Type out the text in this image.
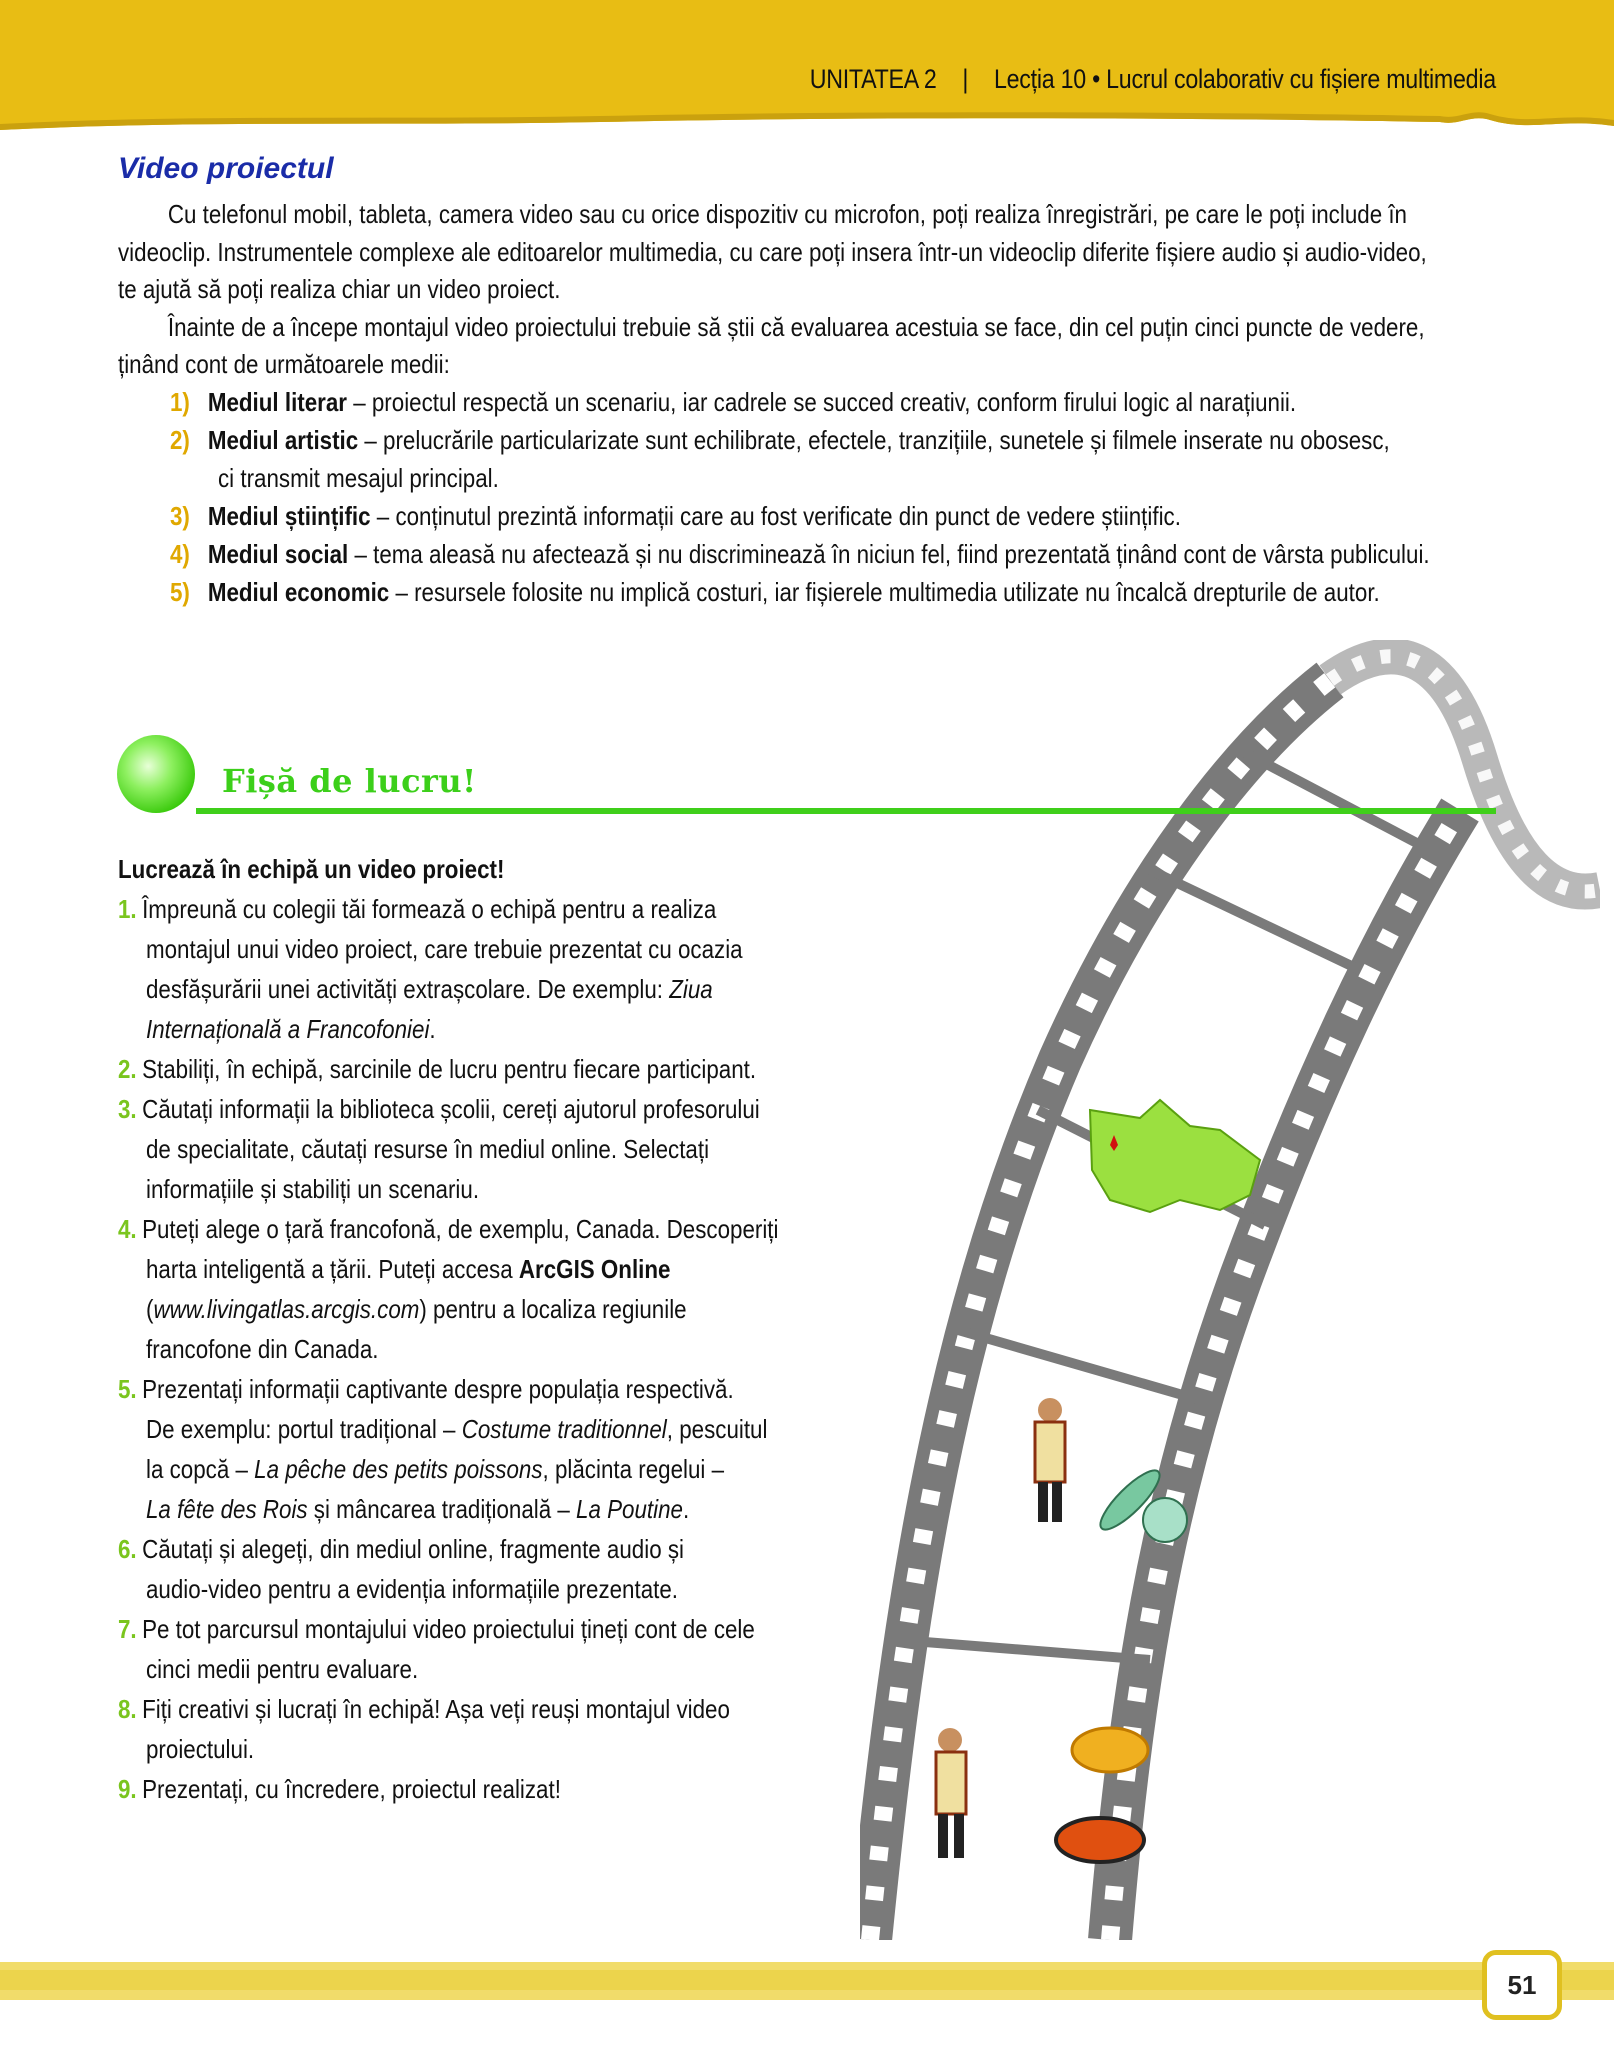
UNITATEA 2 | Lecția 10 • Lucrul colaborativ cu fișiere multimedia
Video proiectul

Cu telefonul mobil, tableta, camera video sau cu orice dispozitiv cu microfon, poți realiza înregistrări, pe care le poți include în

videoclip. Instrumentele complexe ale editoarelor multimedia, cu care poți insera într-un videoclip diferite fișiere audio și audio-video,

te ajută să poți realiza chiar un video proiect.

Înainte de a începe montajul video proiectului trebuie să știi că evaluarea acestuia se face, din cel puțin cinci puncte de vedere,

ținând cont de următoarele medii:

1) Mediul literar – proiectul respectă un scenariu, iar cadrele se succed creativ, conform firului logic al narațiunii.
2) Mediul artistic – prelucrările particularizate sunt echilibrate, efectele, tranzițiile, sunetele și filmele inserate nu obosesc,
ci transmit mesajul principal.
3) Mediul științific – conținutul prezintă informații care au fost verificate din punct de vedere științific.
4) Mediul social – tema aleasă nu afectează și nu discriminează în niciun fel, fiind prezentată ținând cont de vârsta publicului.
5) Mediul economic – resursele folosite nu implică costuri, iar fișierele multimedia utilizate nu încalcă drepturile de autor.
Fișă de lucru!
Lucrează în echipă un video proiect!
1. Împreună cu colegii tăi formează o echipă pentru a realiza
montajul unui video proiect, care trebuie prezentat cu ocazia
desfășurării unei activități extrașcolare. De exemplu: Ziua
Internațională a Francofoniei.
2. Stabiliți, în echipă, sarcinile de lucru pentru fiecare participant.
3. Căutați informații la biblioteca școlii, cereți ajutorul profesorului
de specialitate, căutați resurse în mediul online. Selectați
informațiile și stabiliți un scenariu.
4. Puteți alege o țară francofonă, de exemplu, Canada. Descoperiți
harta inteligentă a țării. Puteți accesa ArcGIS Online
(www.livingatlas.arcgis.com) pentru a localiza regiunile
francofone din Canada.
5. Prezentați informații captivante despre populația respectivă.
De exemplu: portul tradițional – Costume traditionnel, pescuitul
la copcă – La pêche des petits poissons, plăcinta regelui –
La fête des Rois și mâncarea tradițională – La Poutine.
6. Căutați și alegeți, din mediul online, fragmente audio și
audio-video pentru a evidenția informațiile prezentate.
7. Pe tot parcursul montajului video proiectului țineți cont de cele
cinci medii pentru evaluare.
8. Fiți creativi și lucrați în echipă! Așa veți reuși montajul video
proiectului.
9. Prezentați, cu încredere, proiectul realizat!
51
